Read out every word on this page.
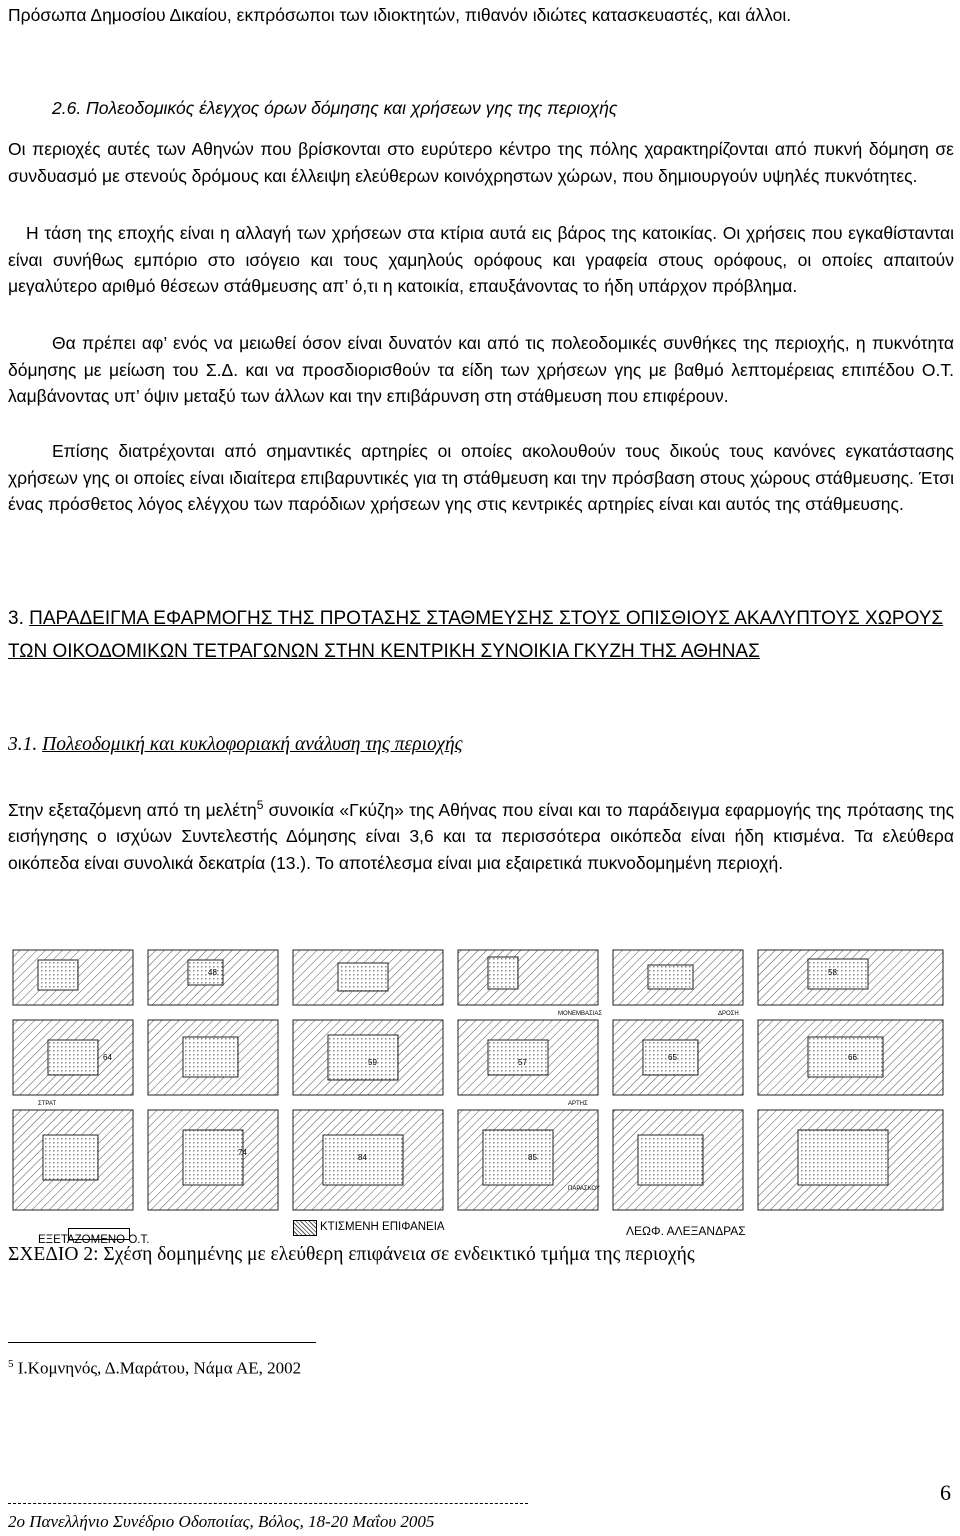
Πρόσωπα Δημοσίου Δικαίου, εκπρόσωποι των ιδιοκτητών, πιθανόν ιδιώτες κατασκευαστές, και άλλοι.

2.6. Πολεοδομικός έλεγχος όρων δόμησης και χρήσεων γης της περιοχής

Οι περιοχές αυτές των Αθηνών που βρίσκονται στο ευρύτερο κέντρο της πόλης χαρακτηρίζονται από πυκνή δόμηση σε συνδυασμό με στενούς δρόμους και έλλειψη ελεύθερων κοινόχρηστων χώρων, που δημιουργούν υψηλές πυκνότητες.

Η τάση της εποχής είναι η αλλαγή των χρήσεων στα κτίρια αυτά εις βάρος της κατοικίας. Οι χρήσεις που εγκαθίστανται είναι συνήθως εμπόριο στο ισόγειο και τους χαμηλούς ορόφους και γραφεία στους ορόφους, οι οποίες απαιτούν μεγαλύτερο αριθμό θέσεων στάθμευσης απ’ ό,τι η κατοικία, επαυξάνοντας το ήδη υπάρχον πρόβλημα.

Θα πρέπει αφ’ ενός να μειωθεί όσον είναι δυνατόν και από τις πολεοδομικές συνθήκες της περιοχής, η πυκνότητα δόμησης με μείωση του Σ.Δ. και να προσδιορισθούν τα είδη των χρήσεων γης με βαθμό λεπτομέρειας επιπέδου Ο.Τ. λαμβάνοντας υπ’ όψιν μεταξύ των άλλων και την επιβάρυνση στη στάθμευση που επιφέρουν.

Επίσης διατρέχονται από σημαντικές αρτηρίες οι οποίες ακολουθούν τους δικούς τους κανόνες εγκατάστασης χρήσεων γης οι οποίες είναι ιδιαίτερα επιβαρυντικές για τη στάθμευση και την πρόσβαση στους χώρους στάθμευσης. Έτσι ένας πρόσθετος λόγος ελέγχου των παρόδιων χρήσεων γης στις κεντρικές αρτηρίες είναι και αυτός της στάθμευσης.

3. ΠΑΡΑΔΕΙΓΜΑ ΕΦΑΡΜΟΓΗΣ ΤΗΣ ΠΡΟΤΑΣΗΣ ΣΤΑΘΜΕΥΣΗΣ ΣΤΟΥΣ ΟΠΙΣΘΙΟΥΣ ΑΚΑΛΥΠΤΟΥΣ ΧΩΡΟΥΣ ΤΩΝ ΟΙΚΟΔΟΜΙΚΩΝ ΤΕΤΡΑΓΩΝΩΝ ΣΤΗΝ ΚΕΝΤΡΙΚΗ ΣΥΝΟΙΚΙΑ ΓΚΥΖΗ ΤΗΣ ΑΘΗΝΑΣ
3.1. Πολεοδομική και κυκλοφοριακή ανάλυση της περιοχής
Στην εξεταζόμενη από τη μελέτη$^5$ συνοικία «Γκύζη» της Αθήνας που είναι και το παράδειγμα εφαρμογής της πρότασης της εισήγησης ο ισχύων Συντελεστής Δόμησης είναι 3,6 και τα περισσότερα οικόπεδα είναι ήδη κτισμένα. Τα ελεύθερα οικόπεδα είναι συνολικά δεκατρία (13.). Το αποτέλεσμα είναι μια εξαιρετικά πυκνοδομημένη περιοχή.
ΜΟΝΕΜΒΑΣΙΑΣ
ΑΡΤΗΣ
ΠΑΡΑΣΚΟΥ
ΔΡΟΣΗ
ΣΤΡΑΤ
48
64
57
59
65
74
84
58
66
85
ΕΞΕΤΑΖΟΜΕΝΟ Ο.Τ.
ΚΤΙΣΜΕΝΗ ΕΠΙΦΑΝΕΙΑ	ΛΕΩΦ. ΑΛΕΞΑΝΔΡΑΣ
ΣΧΕΔΙΟ 2: Σχέση δομημένης με ελεύθερη επιφάνεια σε ενδεικτικό τμήμα της περιοχής
$^5$ Ι.Κομνηνός, Δ.Μαράτου, Νάμα ΑΕ, 2002
2ο Πανελλήνιο Συνέδριο Οδοποιίας, Βόλος, 18-20 Μαΐου 2005
6
